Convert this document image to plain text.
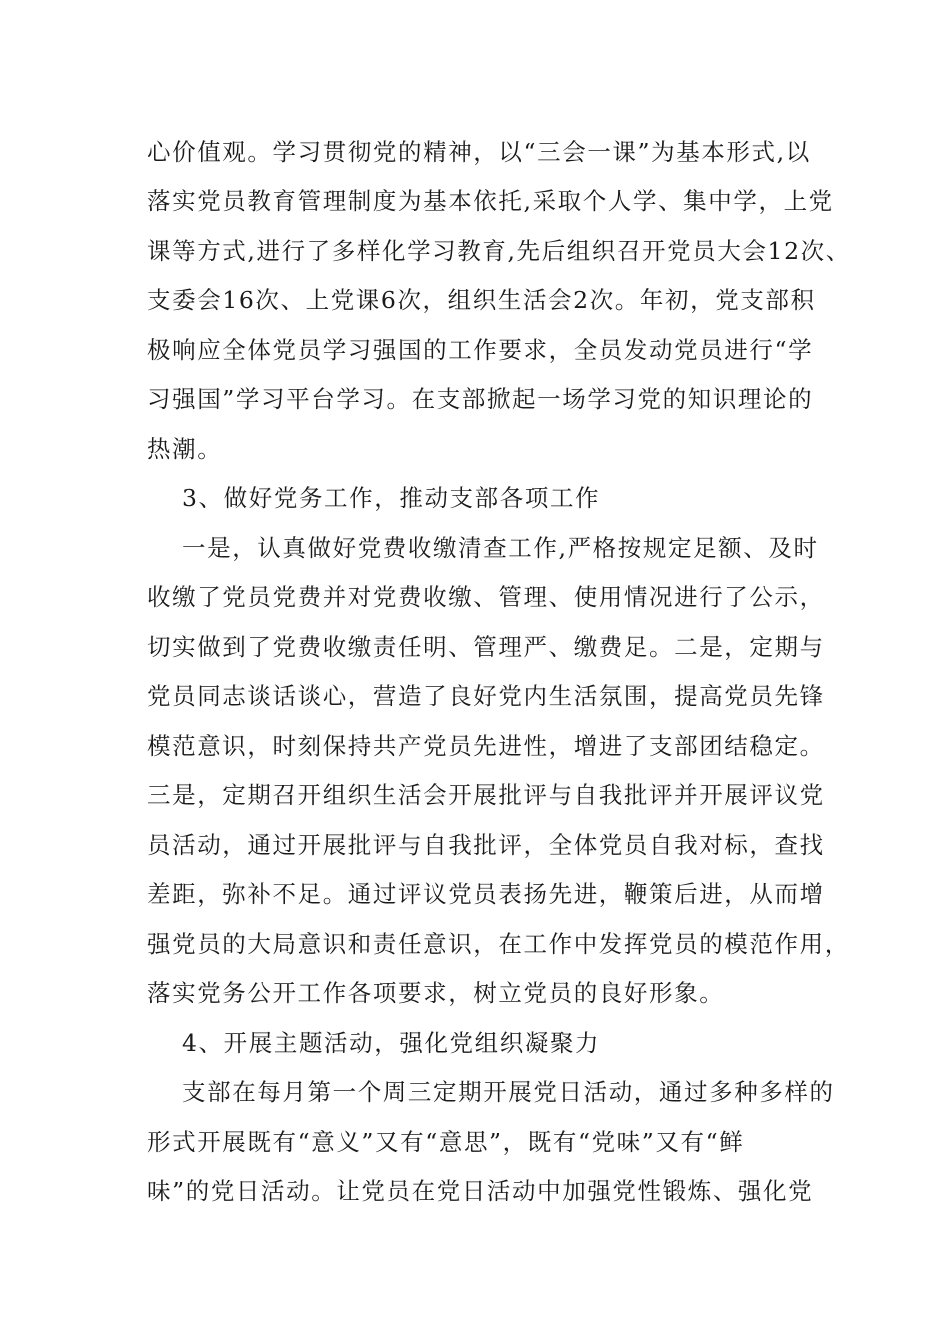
心价值观。学习贯彻党的精神，以“三会一课”为基本形式,以
落实党员教育管理制度为基本依托,采取个人学、集中学，上党
课等方式,进行了多样化学习教育,先后组织召开党员大会12次、
支委会16次、上党课6次，组织生活会2次。年初，党支部积
极响应全体党员学习强国的工作要求，全员发动党员进行“学
习强国”学习平台学习。在支部掀起一场学习党的知识理论的
热潮。
3、做好党务工作，推动支部各项工作
一是，认真做好党费收缴清查工作,严格按规定足额、及时
收缴了党员党费并对党费收缴、管理、使用情况进行了公示，
切实做到了党费收缴责任明、管理严、缴费足。二是，定期与
党员同志谈话谈心，营造了良好党内生活氛围，提高党员先锋
模范意识，时刻保持共产党员先进性，增进了支部团结稳定。
三是，定期召开组织生活会开展批评与自我批评并开展评议党
员活动，通过开展批评与自我批评，全体党员自我对标，查找
差距，弥补不足。通过评议党员表扬先进，鞭策后进，从而增
强党员的大局意识和责任意识，在工作中发挥党员的模范作用，
落实党务公开工作各项要求，树立党员的良好形象。
4、开展主题活动，强化党组织凝聚力
支部在每月第一个周三定期开展党日活动，通过多种多样的
形式开展既有“意义”又有“意思”，既有“党味”又有“鲜
味”的党日活动。让党员在党日活动中加强党性锻炼、强化党
